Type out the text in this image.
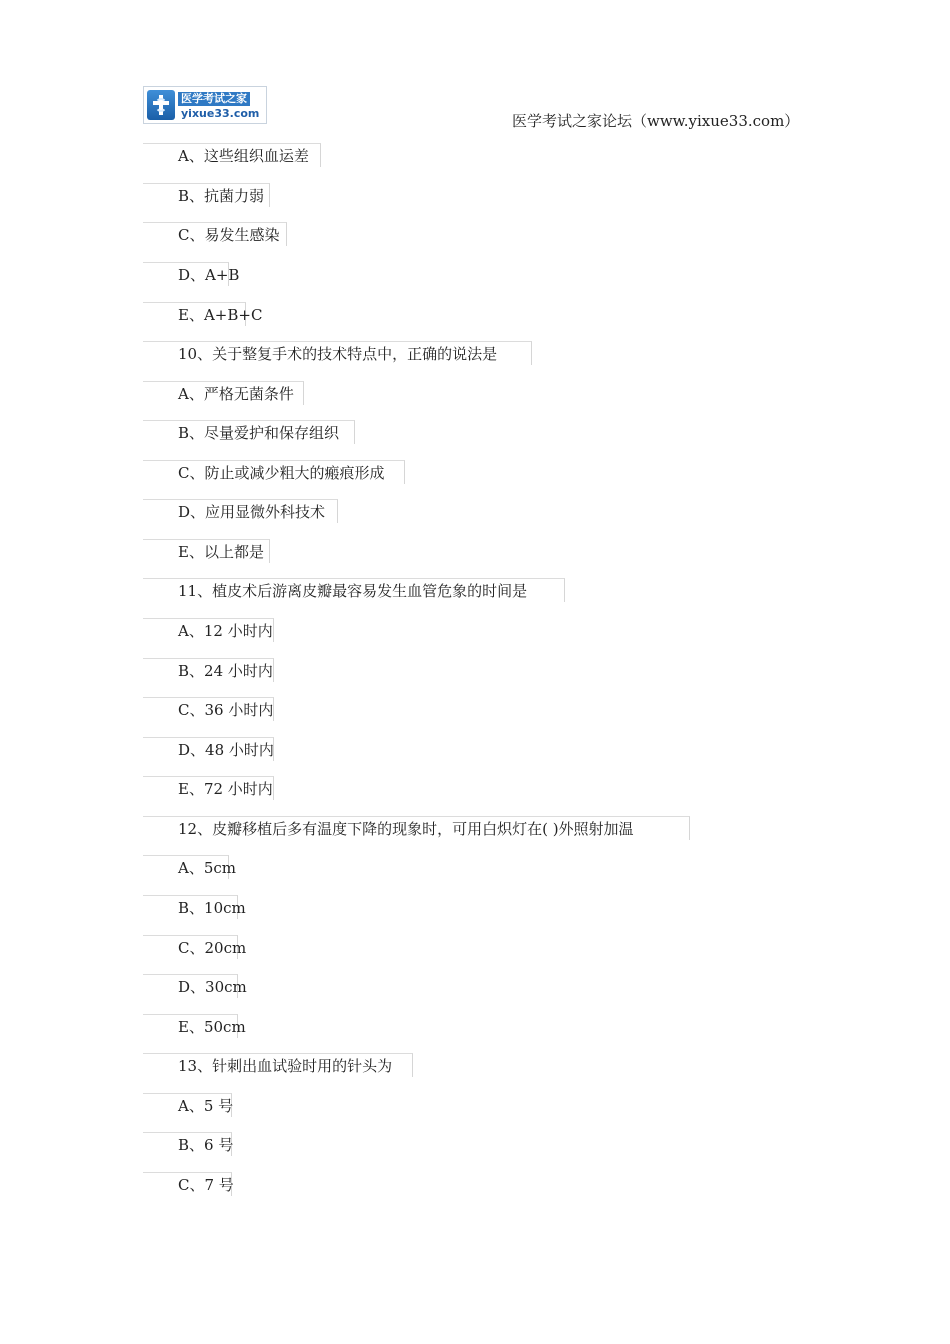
医学考试之家
yixue33.com	医学考试之家论坛（www.yixue33.com）
A、这些组织血运差
B、抗菌力弱
C、易发生感染
D、A+B
E、A+B+C
10、关于整复手术的技术特点中，正确的说法是
A、严格无菌条件
B、尽量爱护和保存组织
C、防止或减少粗大的瘢痕形成
D、应用显微外科技术
E、以上都是
11、植皮术后游离皮瓣最容易发生血管危象的时间是
A、12 小时内
B、24 小时内
C、36 小时内
D、48 小时内
E、72 小时内
12、皮瓣移植后多有温度下降的现象时，可用白炽灯在( )外照射加温
A、5cm
B、10cm
C、20cm
D、30cm
E、50cm
13、针刺出血试验时用的针头为
A、5 号
B、6 号
C、7 号
